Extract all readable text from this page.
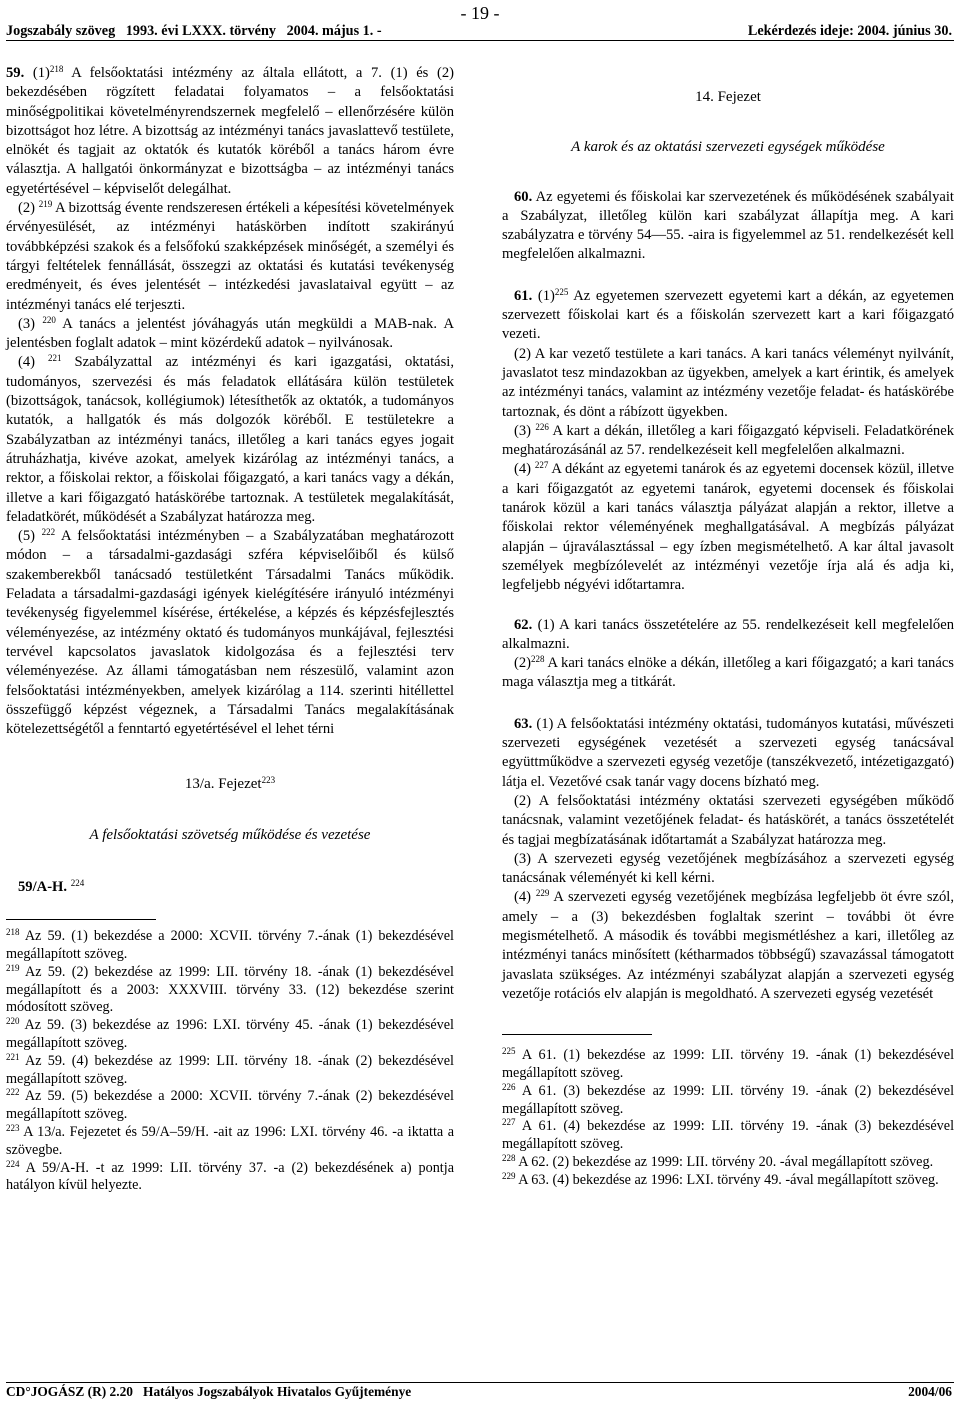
- 19 -
Jogszabály szöveg   1993. évi LXXX. törvény   2004. május 1. -	Lekérdezés ideje: 2004. június 30.

59. $(1)^{218}$ A felsőoktatási intézmény az általa ellátott, a 7. (1) és (2) bekezdésében rögzített feladatai folyamatos – a felsőoktatási minőségpolitikai követelményrendszernek megfelelő – ellenőrzésére külön bizottságot hoz létre. A bizottság az intézményi tanács javaslattevő testülete, elnökét és tagjait az oktatók és kutatók köréből a tanács három évre választja. A hallgatói önkormányzat e bizottságba – az intézményi tanács egyetértésével – képviselőt delegálhat.

(2) $^{219}$ A bizottság évente rendszeresen értékeli a képesítési követelmények érvényesülését, az intézményi hatáskörben indított szakirányú továbbképzési szakok és a felsőfokú szakképzések minőségét, a személyi és tárgyi feltételek fennállását, összegzi az oktatási és kutatási tevékenység eredményeit, és éves jelentését – intézkedési javaslataival együtt – az intézményi tanács elé terjeszti.

(3) $^{220}$ A tanács a jelentést jóváhagyás után megküldi a MAB-nak. A jelentésben foglalt adatok – mint közérdekű adatok – nyilvánosak.

(4) $^{221}$ Szabályzattal az intézményi és kari igazgatási, oktatási, tudományos, szervezési és más feladatok ellátására külön testületek (bizottságok, tanácsok, kollégiumok) létesíthetők az oktatók, a tudományos kutatók, a hallgatók és más dolgozók köréből. E testületekre a Szabályzatban az intézményi tanács, illetőleg a kari tanács egyes jogait átruházhatja, kivéve azokat, amelyek kizárólag az intézményi tanács, a rektor, a főiskolai rektor, a főiskolai főigazgató, a kari tanács vagy a dékán, illetve a kari főigazgató hatáskörébe tartoznak. A testületek megalakítását, feladatkörét, működését a Szabályzat határozza meg.

(5) $^{222}$ A felsőoktatási intézményben – a Szabályzatában meghatározott módon – a társadalmi-gazdasági szféra képviselőiből és külső szakemberekből tanácsadó testületként Társadalmi Tanács működik. Feladata a társadalmi-gazdasági igények kielégítésére irányuló intézményi tevékenység figyelemmel kísérése, értékelése, a képzés és képzésfejlesztés véleményezése, az intézmény oktató és tudományos munkájával, fejlesztési tervével kapcsolatos javaslatok kidolgozása és a fejlesztési terv véleményezése. Az állami támogatásban nem részesülő, valamint azon felsőoktatási intézményekben, amelyek kizárólag a 114. szerinti hitéllettel összefüggő képzést végeznek, a Társadalmi Tanács megalakításának kötelezettségétől a fenntartó egyetértésével el lehet térni

13/a. Fejezet$^{223}$

A felsőoktatási szövetség működése és vezetése

59/A-H. $^{224}$

$^{218}$ Az 59. (1) bekezdése a 2000: XCVII. törvény 7.-ának (1) bekezdésével megállapított szöveg.

$^{219}$ Az 59. (2) bekezdése az 1999: LII. törvény 18. -ának (1) bekezdésével megállapított és a 2003: XXXVIII. törvény 33. (12) bekezdése szerint módosított szöveg.

$^{220}$ Az 59. (3) bekezdése az 1996: LXI. törvény 45. -ának (1) bekezdésével megállapított szöveg.

$^{221}$ Az 59. (4) bekezdése az 1999: LII. törvény 18. -ának (2) bekezdésével megállapított szöveg.

$^{222}$ Az 59. (5) bekezdése a 2000: XCVII. törvény 7.-ának (2) bekezdésével megállapított szöveg.

$^{223}$ A 13/a. Fejezetet és 59/A–59/H. -ait az 1996: LXI. törvény 46. -a iktatta a szövegbe.

$^{224}$ A 59/A-H. -t az 1999: LII. törvény 37. -a (2) bekezdésének a) pontja hatályon kívül helyezte.

14. Fejezet

A karok és az oktatási szervezeti egységek működése

60. Az egyetemi és főiskolai kar szervezetének és működésének szabályait a Szabályzat, illetőleg külön kari szabályzat állapítja meg. A kari szabályzatra e törvény 54—55. -aira is figyelemmel az 51. rendelkezését kell megfelelően alkalmazni.

61. $(1)^{225}$ Az egyetemen szervezett egyetemi kart a dékán, az egyetemen szervezett főiskolai kart és a főiskolán szervezett kart a kari főigazgató vezeti.

(2) A kar vezető testülete a kari tanács. A kari tanács véleményt nyilvánít, javaslatot tesz mindazokban az ügyekben, amelyek a kart érintik, és amelyek az intézményi tanács, valamint az intézmény vezetője feladat- és hatáskörébe tartoznak, és dönt a rábízott ügyekben.

(3) $^{226}$ A kart a dékán, illetőleg a kari főigazgató képviseli. Feladatkörének meghatározásánál az 57. rendelkezéseit kell megfelelően alkalmazni.

(4) $^{227}$ A dékánt az egyetemi tanárok és az egyetemi docensek közül, illetve a kari főigazgatót az egyetemi tanárok, egyetemi docensek és főiskolai tanárok közül a kari tanács választja pályázat alapján a rektor, illetve a főiskolai rektor véleményének meghallgatásával. A megbízás pályázat alapján – újraválasztással – egy ízben megismételhető. A kar által javasolt személyek megbízólevelét az intézményi vezetője írja alá és adja ki, legfeljebb négyévi időtartamra.

62. (1) A kari tanács összetételére az 55. rendelkezéseit kell megfelelően alkalmazni.

$(2)^{228}$ A kari tanács elnöke a dékán, illetőleg a kari főigazgató; a kari tanács maga választja meg a titkárát.

63. (1) A felsőoktatási intézmény oktatási, tudományos kutatási, művészeti szervezeti egységének vezetését a szervezeti egység tanácsával együttműködve a szervezeti egység vezetője (tanszékvezető, intézetigazgató) látja el. Vezetővé csak tanár vagy docens bízható meg.

(2) A felsőoktatási intézmény oktatási szervezeti egységében működő tanácsnak, valamint vezetőjének feladat- és hatáskörét, a tanács összetételét és tagjai megbízatásának időtartamát a Szabályzat határozza meg.

(3) A szervezeti egység vezetőjének megbízásához a szervezeti egység tanácsának véleményét ki kell kérni.

(4) $^{229}$ A szervezeti egység vezetőjének megbízása legfeljebb öt évre szól, amely – a (3) bekezdésben foglaltak szerint – további öt évre megismételhető. A második és további megismétléshez a kari, illetőleg az intézményi tanács minősített (kétharmados többségű) szavazással támogatott javaslata szükséges. Az intézményi szabályzat alapján a szervezeti egység vezetője rotációs elv alapján is megoldható. A szervezeti egység vezetését

$^{225}$ A 61. (1) bekezdése az 1999: LII. törvény 19. -ának (1) bekezdésével megállapított szöveg.

$^{226}$ A 61. (3) bekezdése az 1999: LII. törvény 19. -ának (2) bekezdésével megállapított szöveg.

$^{227}$ A 61. (4) bekezdése az 1999: LII. törvény 19. -ának (3) bekezdésével megállapított szöveg.

$^{228}$ A 62. (2) bekezdése az 1999: LII. törvény 20. -ával megállapított szöveg.

$^{229}$ A 63. (4) bekezdése az 1996: LXI. törvény 49. -ával megállapított szöveg.

CD°JOGÁSZ (R) 2.20   Hatályos Jogszabályok Hivatalos Gyűjteménye	2004/06
